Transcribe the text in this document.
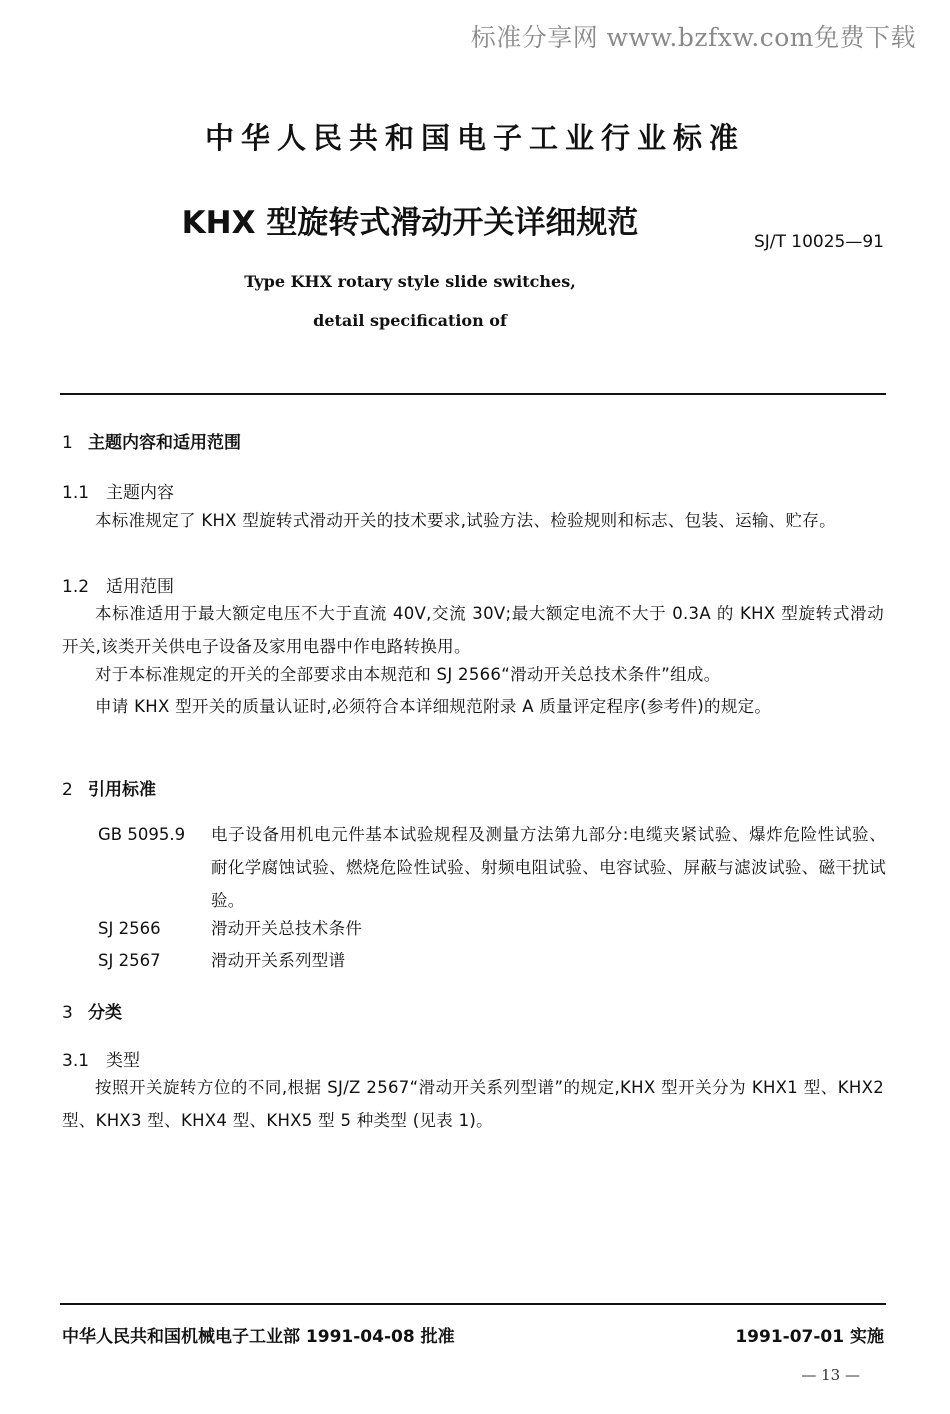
标准分享网 www.bzfxw.com免费下载
中华人民共和国电子工业行业标准
KHX 型旋转式滑动开关详细规范
SJ/T 10025—91
Type KHX rotary style slide switches,
detail specification of
1 主题内容和适用范围
1.1 主题内容
本标准规定了 KHX 型旋转式滑动开关的技术要求,试验方法、检验规则和标志、包装、运输、贮存。
1.2 适用范围
本标准适用于最大额定电压不大于直流 40V,交流 30V;最大额定电流不大于 0.3A 的 KHX 型旋转式滑动开关,该类开关供电子设备及家用电器中作电路转换用。
对于本标准规定的开关的全部要求由本规范和 SJ 2566“滑动开关总技术条件”组成。
申请 KHX 型开关的质量认证时,必须符合本详细规范附录 A 质量评定程序(参考件)的规定。
2 引用标准
GB 5095.9	电子设备用机电元件基本试验规程及测量方法第九部分:电缆夹紧试验、爆炸危险性试验、耐化学腐蚀试验、燃烧危险性试验、射频电阻试验、电容试验、屏蔽与滤波试验、磁干扰试验。
SJ 2566	滑动开关总技术条件
SJ 2567	滑动开关系列型谱
3 分类
3.1 类型
按照开关旋转方位的不同,根据 SJ/Z 2567“滑动开关系列型谱”的规定,KHX 型开关分为 KHX1 型、KHX2 型、KHX3 型、KHX4 型、KHX5 型 5 种类型 (见表 1)。
中华人民共和国机械电子工业部 1991-04-08 批准	1991-07-01 实施
— 13 —
